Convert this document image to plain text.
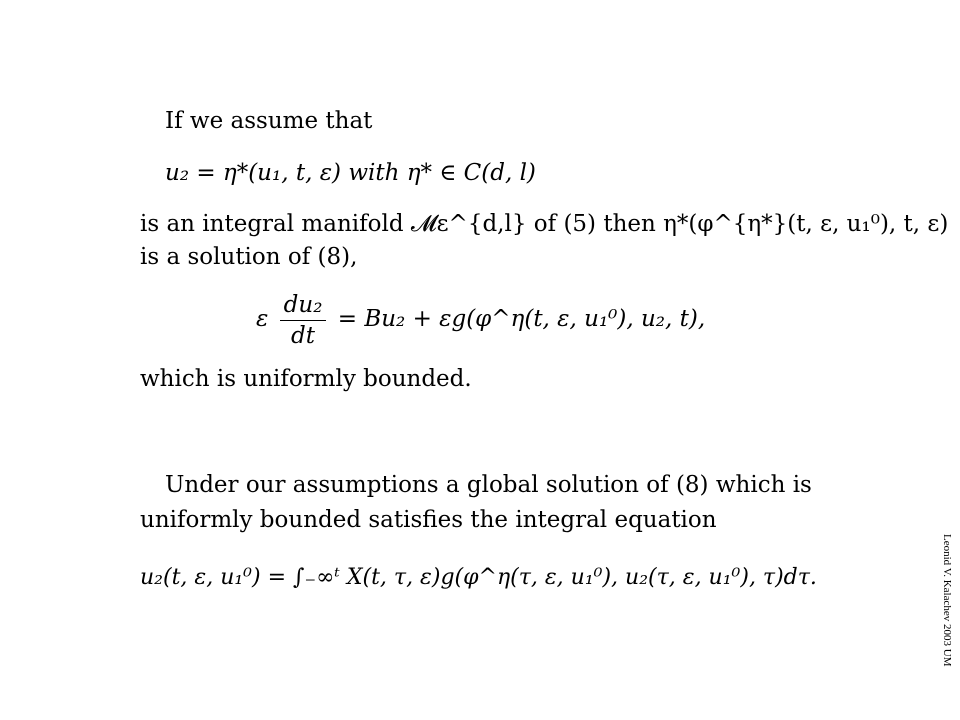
If we assume that
u₂ = η*(u₁, t, ε) with η* ∈ C(d, l)
is an integral manifold 𝓜ε^{d,l} of (5) then η*(φ^{η*}(t, ε, u₁⁰), t, ε)
is a solution of (8),
ε $\frac{\text{du₂}}{dt} = Bu_2$ + εg(φ^η(t, ε, u₁⁰), u₂, t),
which is uniformly bounded.
Under our assumptions a global solution of (8) which is
uniformly bounded satisfies the integral equation
u₂(t, ε, u₁⁰) = ∫₋∞ᵗ X(t, τ, ε)g(φ^η(τ, ε, u₁⁰), u₂(τ, ε, u₁⁰), τ)dτ.	Leonid V. Kalachev 2003 UM
